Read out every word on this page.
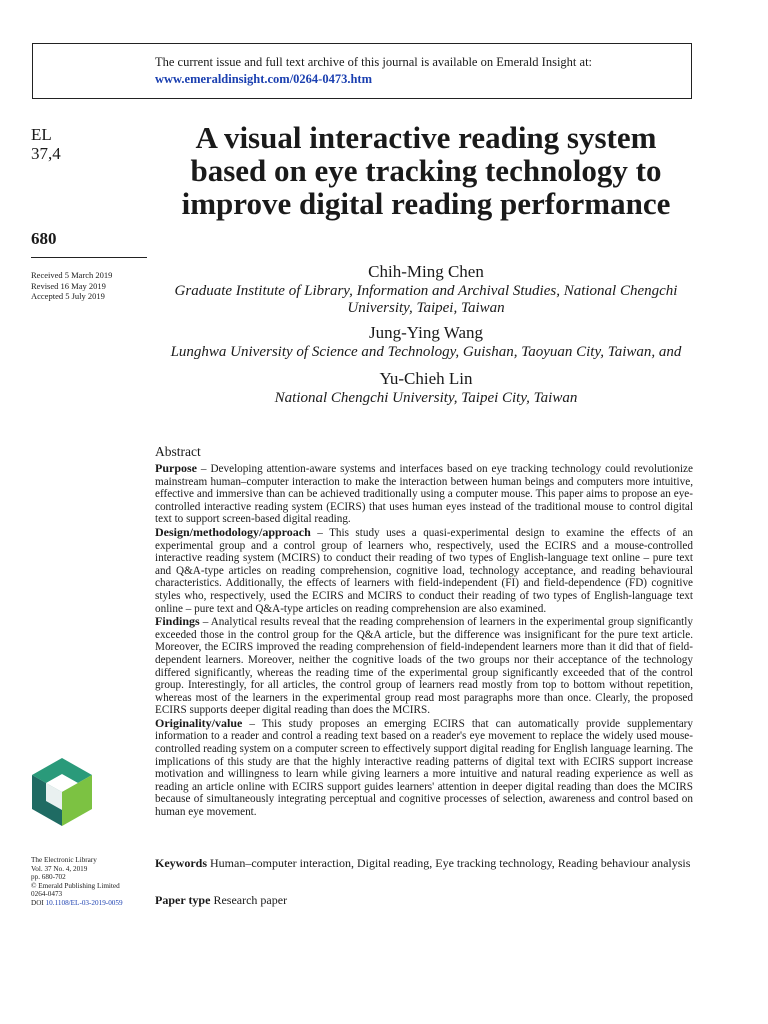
The current issue and full text archive of this journal is available on Emerald Insight at:
www.emeraldinsight.com/0264-0473.htm
EL
37,4
680
Received 5 March 2019
Revised 16 May 2019
Accepted 5 July 2019
A visual interactive reading system based on eye tracking technology to improve digital reading performance
Chih-Ming Chen
Graduate Institute of Library, Information and Archival Studies, National Chengchi University, Taipei, Taiwan
Jung-Ying Wang
Lunghwa University of Science and Technology, Guishan, Taoyuan City, Taiwan, and
Yu-Chieh Lin
National Chengchi University, Taipei City, Taiwan
Abstract

Purpose – Developing attention-aware systems and interfaces based on eye tracking technology could revolutionize mainstream human–computer interaction to make the interaction between human beings and computers more intuitive, effective and immersive than can be achieved traditionally using a computer mouse. This paper aims to propose an eye-controlled interactive reading system (ECIRS) that uses human eyes instead of the traditional mouse to control digital text to support screen-based digital reading.

Design/methodology/approach – This study uses a quasi-experimental design to examine the effects of an experimental group and a control group of learners who, respectively, used the ECIRS and a mouse-controlled interactive reading system (MCIRS) to conduct their reading of two types of English-language text online – pure text and Q&A-type articles on reading comprehension, cognitive load, technology acceptance, and reading behavioural characteristics. Additionally, the effects of learners with field-independent (FI) and field-dependence (FD) cognitive styles who, respectively, used the ECIRS and MCIRS to conduct their reading of two types of English-language text online – pure text and Q&A-type articles on reading comprehension are also examined.

Findings – Analytical results reveal that the reading comprehension of learners in the experimental group significantly exceeded those in the control group for the Q&A article, but the difference was insignificant for the pure text article. Moreover, the ECIRS improved the reading comprehension of field-independent learners more than it did that of field-dependent learners. Moreover, neither the cognitive loads of the two groups nor their acceptance of the technology differed significantly, whereas the reading time of the experimental group significantly exceeded that of the control group. Interestingly, for all articles, the control group of learners read mostly from top to bottom without repetition, whereas most of the learners in the experimental group read most paragraphs more than once. Clearly, the proposed ECIRS supports deeper digital reading than does the MCIRS.

Originality/value – This study proposes an emerging ECIRS that can automatically provide supplementary information to a reader and control a reading text based on a reader's eye movement to replace the widely used mouse-controlled reading system on a computer screen to effectively support digital reading for English language learning. The implications of this study are that the highly interactive reading patterns of digital text with ECIRS support increase motivation and willingness to learn while giving learners a more intuitive and natural reading experience as well as reading an article online with ECIRS support guides learners' attention in deeper digital reading than does the MCIRS because of simultaneously integrating perceptual and cognitive processes of selection, awareness and control based on human eye movement.

Keywords Human–computer interaction, Digital reading, Eye tracking technology, Reading behaviour analysis
Paper type Research paper
The Electronic Library
Vol. 37 No. 4, 2019
pp. 680-702
© Emerald Publishing Limited
0264-0473
DOI 10.1108/EL-03-2019-0059
